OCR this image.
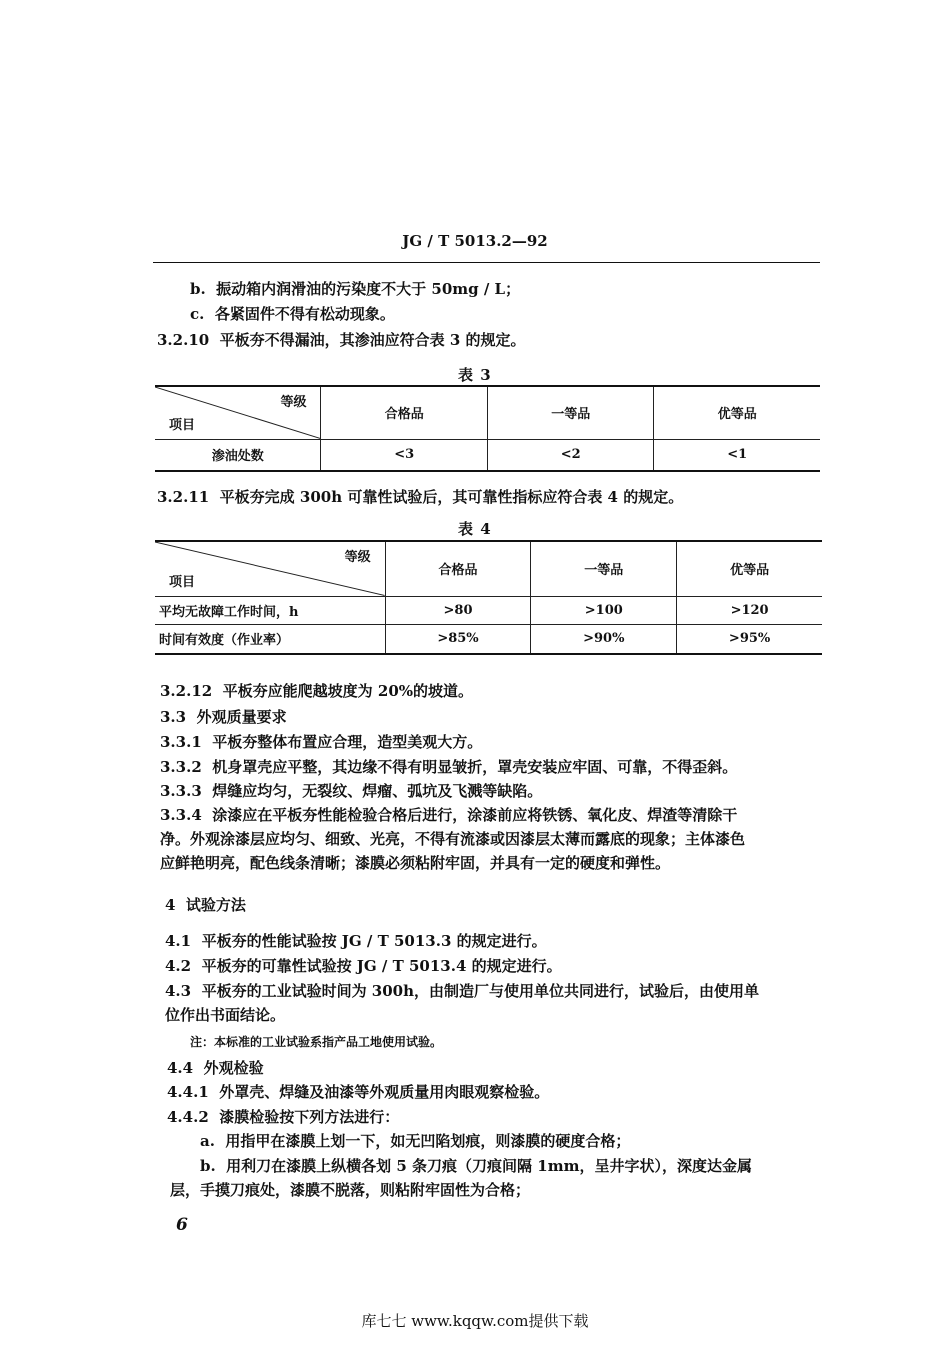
JG / T 5013.2—92
b. 振动箱内润滑油的污染度不大于 50mg / L；
c. 各紧固件不得有松动现象。
3.2.10 平板夯不得漏油，其渗油应符合表 3 的规定。
表 3
等级
项目	合格品	一等品	优等品
渗油处数	<3	<2	<1
3.2.11 平板夯完成 300h 可靠性试验后，其可靠性指标应符合表 4 的规定。
表 4
等级
项目	合格品	一等品	优等品
平均无故障工作时间，h	>80	>100	>120
时间有效度（作业率）	>85%	>90%	>95%
3.2.12 平板夯应能爬越坡度为 20%的坡道。
3.3 外观质量要求
3.3.1 平板夯整体布置应合理，造型美观大方。
3.3.2 机身罩壳应平整，其边缘不得有明显皱折，罩壳安装应牢固、可靠，不得歪斜。
3.3.3 焊缝应均匀，无裂纹、焊瘤、弧坑及飞溅等缺陷。
3.3.4 涂漆应在平板夯性能检验合格后进行，涂漆前应将铁锈、氧化皮、焊渣等清除干
净。外观涂漆层应均匀、细致、光亮，不得有流漆或因漆层太薄而露底的现象；主体漆色
应鲜艳明亮，配色线条清晰；漆膜必须粘附牢固，并具有一定的硬度和弹性。
4 试验方法
4.1 平板夯的性能试验按 JG / T 5013.3 的规定进行。
4.2 平板夯的可靠性试验按 JG / T 5013.4 的规定进行。
4.3 平板夯的工业试验时间为 300h，由制造厂与使用单位共同进行，试验后，由使用单
位作出书面结论。
注：本标准的工业试验系指产品工地使用试验。
4.4 外观检验
4.4.1 外罩壳、焊缝及油漆等外观质量用肉眼观察检验。
4.4.2 漆膜检验按下列方法进行：
a. 用指甲在漆膜上划一下，如无凹陷划痕，则漆膜的硬度合格；
b. 用利刀在漆膜上纵横各划 5 条刀痕（刀痕间隔 1mm，呈井字状），深度达金属
层，手摸刀痕处，漆膜不脱落，则粘附牢固性为合格；
6
库七七 www.kqqw.com提供下载
